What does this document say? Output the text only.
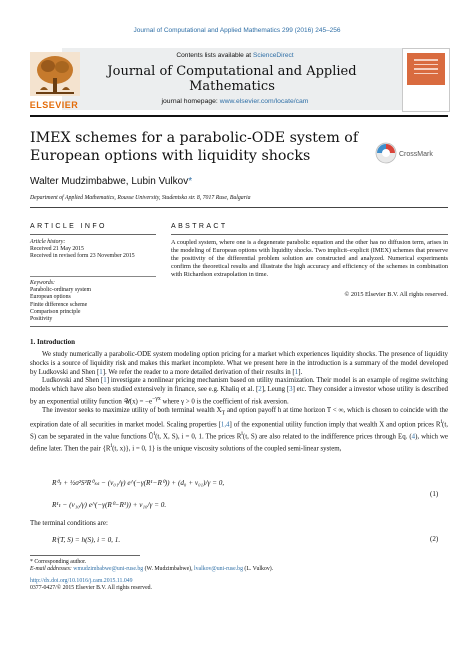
Journal of Computational and Applied Mathematics 299 (2016) 245–256
ELSEVIER
Contents lists available at ScienceDirect
Journal of Computational and Applied Mathematics
journal homepage: www.elsevier.com/locate/cam
IMEX schemes for a parabolic-ODE system of European options with liquidity shocks	CrossMark
Walter Mudzimbabwe, Lubin Vulkov*
Department of Applied Mathematics, Rousse University, Studentska str. 8, 7017 Ruse, Bulgaria
ARTICLE INFO	ABSTRACT
Article history:
Received 21 May 2015
Received in revised form 23 November 2015
Keywords:
Parabolic-ordinary system
European options
Finite difference scheme
Comparison principle
Positivity
A coupled system, where one is a degenerate parabolic equation and the other has no diffusion term, arises in the modeling of European options with liquidity shocks. Two implicit–explicit (IMEX) schemes that preserve the positivity of the differential problem solution are constructed and analyzed. Numerical experiments confirm the theoretical results and illustrate the high accuracy and efficiency of the schemes in combination with Richardson extrapolation in time.
© 2015 Elsevier B.V. All rights reserved.
1. Introduction

We study numerically a parabolic-ODE system modeling option pricing for a market which experiences liquidity shocks. The presence of liquidity shocks is a source of liquidity risk and makes this market incomplete. What we present here in the introduction is a summary of the model developed by Ludkovski and Shen [1]. We refer the reader to a more detailed derivation of their results in [1].

Ludkovski and Shen [1] investigate a nonlinear pricing mechanism based on utility maximization. Their model is an example of regime switching models which have also been studied extensively in finance, see e.g. Khaliq et al. [2], Leung [3] etc. They consider a investor whose utility is described by an exponential utility function 𝒰(x) = $-e^{-\gamma x}$ where γ > 0 is the coefficient of risk aversion.

The investor seeks to maximize utility of both terminal wealth $X_T$ and option payoff h at time horizon T < ∞, which is chosen to coincide with the expiration date of all securities in market model. Scaling properties [1,4] of the exponential utility function imply that wealth X and option prices $R^i(t$, S) can be separated in the value functions $Û^i(t$, X, S), i = 0, 1. The prices $R^i(t$, S) are also related to the indifference prices through Eq. (4), which we define later. Then the pair {$R^i(t$, x)}, i = 0, 1} is the unique viscosity solutions of the coupled semi-linear system,

R⁰ₜ + ½σ²S²R⁰ₛₛ − (ν₀₁/γ) e^(−γ(R¹−R⁰)) + (d₀ + ν₀₁)/γ = 0,
R¹ₜ − (ν₁₀/γ) e^(−γ(R⁰−R¹)) + ν₁₀/γ = 0.
(1)
The terminal conditions are:
Rⁱ(T, S) = h(S), i = 0, 1.	(2)
* Corresponding author.
E-mail addresses: wmudzimbabwe@uni-ruse.bg (W. Mudzimbabwe), lvalkov@uni-ruse.bg (L. Vulkov).
http://dx.doi.org/10.1016/j.cam.2015.11.049
0377-0427/© 2015 Elsevier B.V. All rights reserved.
